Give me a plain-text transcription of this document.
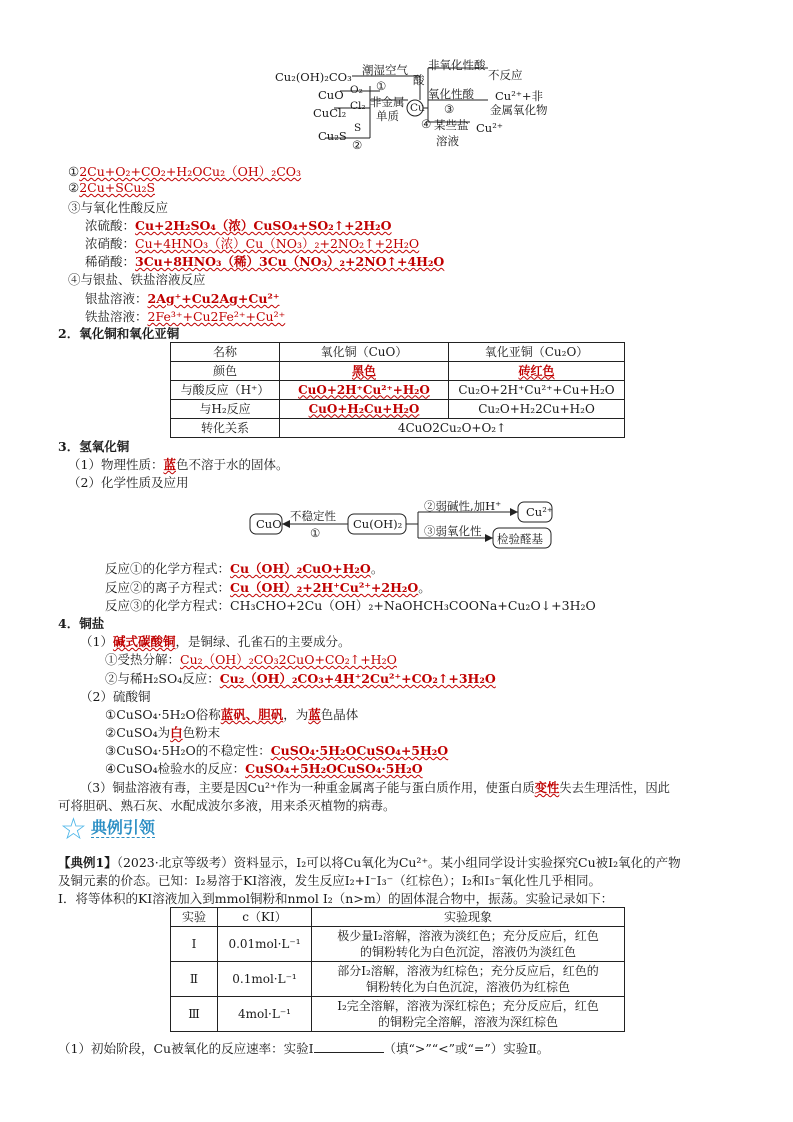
Cu₂(OH)₂CO₃
CuO
CuCl₂
Cu₂S
潮湿空气
①
O₂
Cl₂ 非金属
单质
S
②
Cu
酸
非氧化性酸
不反应
氧化性酸
③
Cu²⁺+非
金属氧化物
④ 某些盐
溶液
Cu²⁺
①2Cu+O₂+CO₂+H₂OCu₂（OH）₂CO₃
②2Cu+SCu₂S
③与氧化性酸反应
浓硫酸：Cu+2H₂SO₄（浓）CuSO₄+SO₂↑+2H₂O
浓硝酸：Cu+4HNO₃（浓）Cu（NO₃）₂+2NO₂↑+2H₂O
稀硝酸：3Cu+8HNO₃（稀）3Cu（NO₃）₂+2NO↑+4H₂O
④与银盐、铁盐溶液反应
银盐溶液：2Ag⁺+Cu2Ag+Cu²⁺
铁盐溶液：2Fe³⁺+Cu2Fe²⁺+Cu²⁺
2．氧化铜和氧化亚铜
名称	氧化铜（CuO）	氧化亚铜（Cu₂O）
颜色	黑色	砖红色
与酸反应（H⁺）	CuO+2H⁺Cu²⁺+H₂O	Cu₂O+2H⁺Cu²⁺+Cu+H₂O
与H₂反应	CuO+H₂Cu+H₂O	Cu₂O+H₂2Cu+H₂O
转化关系	4CuO2Cu₂O+O₂↑	
3．氢氧化铜
（1）物理性质：蓝色不溶于水的固体。
（2）化学性质及应用
CuO
不稳定性
①
Cu(OH)₂
②弱碱性,加H⁺ Cu²⁺
③弱氧化性
检验醛基
反应①的化学方程式：Cu（OH）₂CuO+H₂O。
反应②的离子方程式：Cu（OH）₂+2H⁺Cu²⁺+2H₂O。
反应③的化学方程式：CH₃CHO+2Cu（OH）₂+NaOHCH₃COONa+Cu₂O↓+3H₂O
4．铜盐
（1）碱式碳酸铜，是铜绿、孔雀石的主要成分。
①受热分解：Cu₂（OH）₂CO₃2CuO+CO₂↑+H₂O
②与稀H₂SO₄反应：Cu₂（OH）₂CO₃+4H⁺2Cu²⁺+CO₂↑+3H₂O
（2）硫酸铜
①CuSO₄·5H₂O俗称蓝矾、胆矾，为蓝色晶体
②CuSO₄为白色粉末
③CuSO₄·5H₂O的不稳定性：CuSO₄·5H₂OCuSO₄+5H₂O
④CuSO₄检验水的反应：CuSO₄+5H₂OCuSO₄·5H₂O
（3）铜盐溶液有毒，主要是因Cu²⁺作为一种重金属离子能与蛋白质作用，使蛋白质变性失去生理活性，因此
可将胆矾、熟石灰、水配成波尔多液，用来杀灭植物的病毒。
☆ 典例引领
【典例1】（2023·北京等级考）资料显示，I₂可以将Cu氧化为Cu²⁺。某小组同学设计实验探究Cu被I₂氧化的产物
及铜元素的价态。已知：I₂易溶于KI溶液，发生反应I₂+I⁻I₃⁻（红棕色）；I₂和I₃⁻氧化性几乎相同。
I．将等体积的KI溶液加入到mmol铜粉和nmol I₂（n>m）的固体混合物中，振荡。实验记录如下：
实验	c（KI）	实验现象
Ⅰ	0.01mol·L⁻¹	极少量I₂溶解，溶液为淡红色；充分反应后，红色
的铜粉转化为白色沉淀，溶液仍为淡红色
Ⅱ	0.1mol·L⁻¹	部分I₂溶解，溶液为红棕色；充分反应后，红色的
铜粉转化为白色沉淀，溶液仍为红棕色
Ⅲ	4mol·L⁻¹	I₂完全溶解，溶液为深红棕色；充分反应后，红色
的铜粉完全溶解，溶液为深红棕色
（1）初始阶段，Cu被氧化的反应速率：实验Ⅰ	（填“>”“<”或“=”）实验Ⅱ。
